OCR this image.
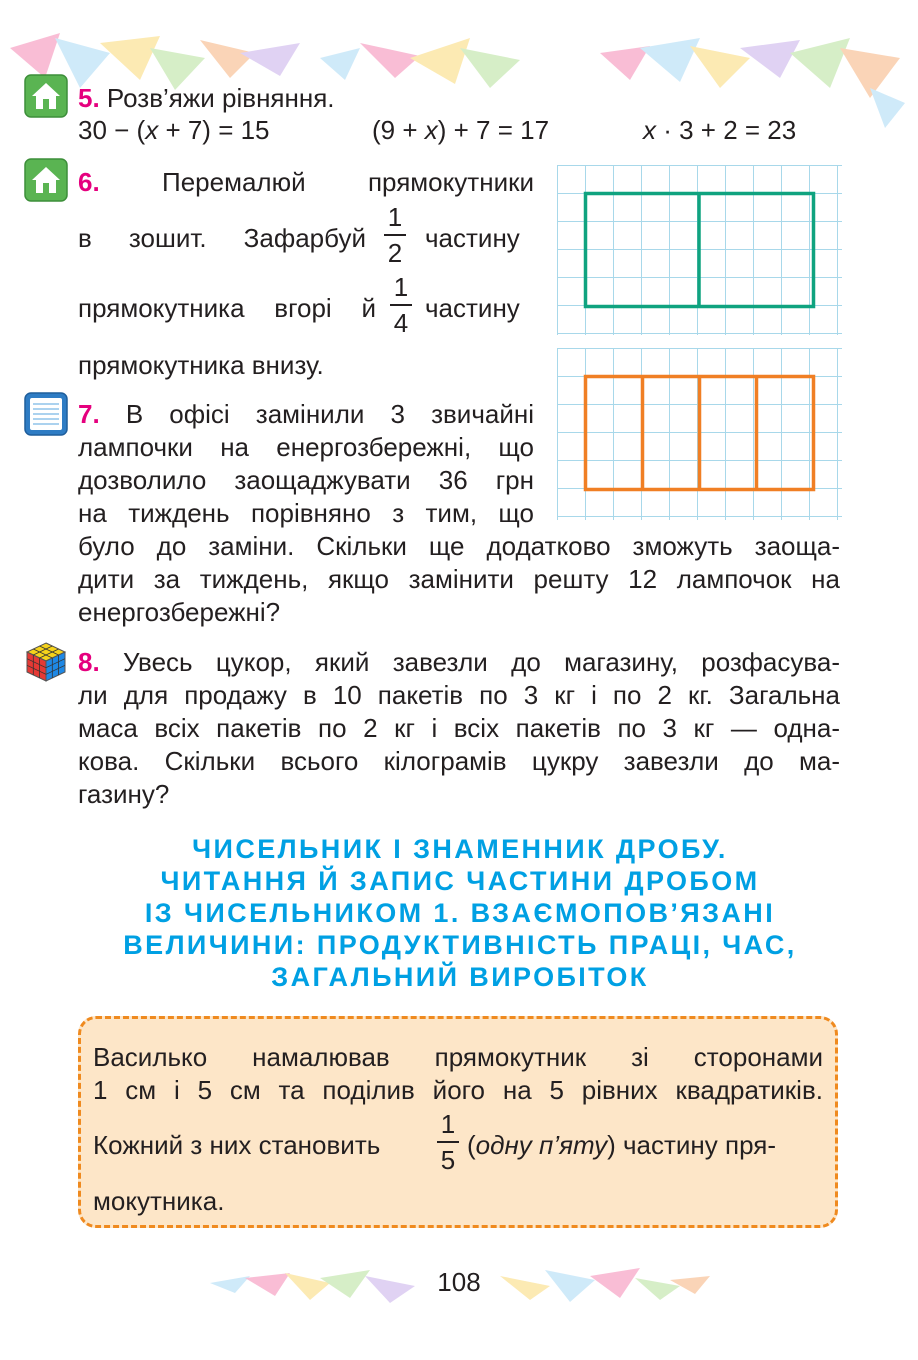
5. Розв’яжи рівняння.
30 − (x + 7) = 15	(9 + x) + 7 = 17	x · 3 + 2 = 23
6. Перемалюй прямокутники
в зошит. Зафарбуй
1
2 частину
прямокутника вгорі й
1
4 частину
прямокутника внизу.
7. В офісі замінили 3 звичайні
лампочки на енергозбережні, що
дозволило заощаджувати 36 грн
на тиждень порівняно з тим, що
було до заміни. Скільки ще додатково зможуть заоща-
дити за тиждень, якщо замінити решту 12 лампочок на
енергозбережні?
8. Увесь цукор, який завезли до магазину, розфасува-
ли для продажу в 10 пакетів по 3 кг і по 2 кг. Загальна
маса всіх пакетів по 2 кг і всіх пакетів по 3 кг — одна-
кова. Скільки всього кілограмів цукру завезли до ма-
газину?
ЧИСЕЛЬНИК І ЗНАМЕННИК ДРОБУ.
ЧИТАННЯ Й ЗАПИС ЧАСТИНИ ДРОБОМ
ІЗ ЧИСЕЛЬНИКОМ 1. ВЗАЄМОПОВ’ЯЗАНІ
ВЕЛИЧИНИ: ПРОДУКТИВНІСТЬ ПРАЦІ, ЧАС,
ЗАГАЛЬНИЙ ВИРОБІТОК
Василько намалював прямокутник зі сторонами
1 см і 5 см та поділив його на 5 рівних квадратиків.
Кожний з них становить
1
5 (одну п’яту) частину пря-
мокутника.
108
